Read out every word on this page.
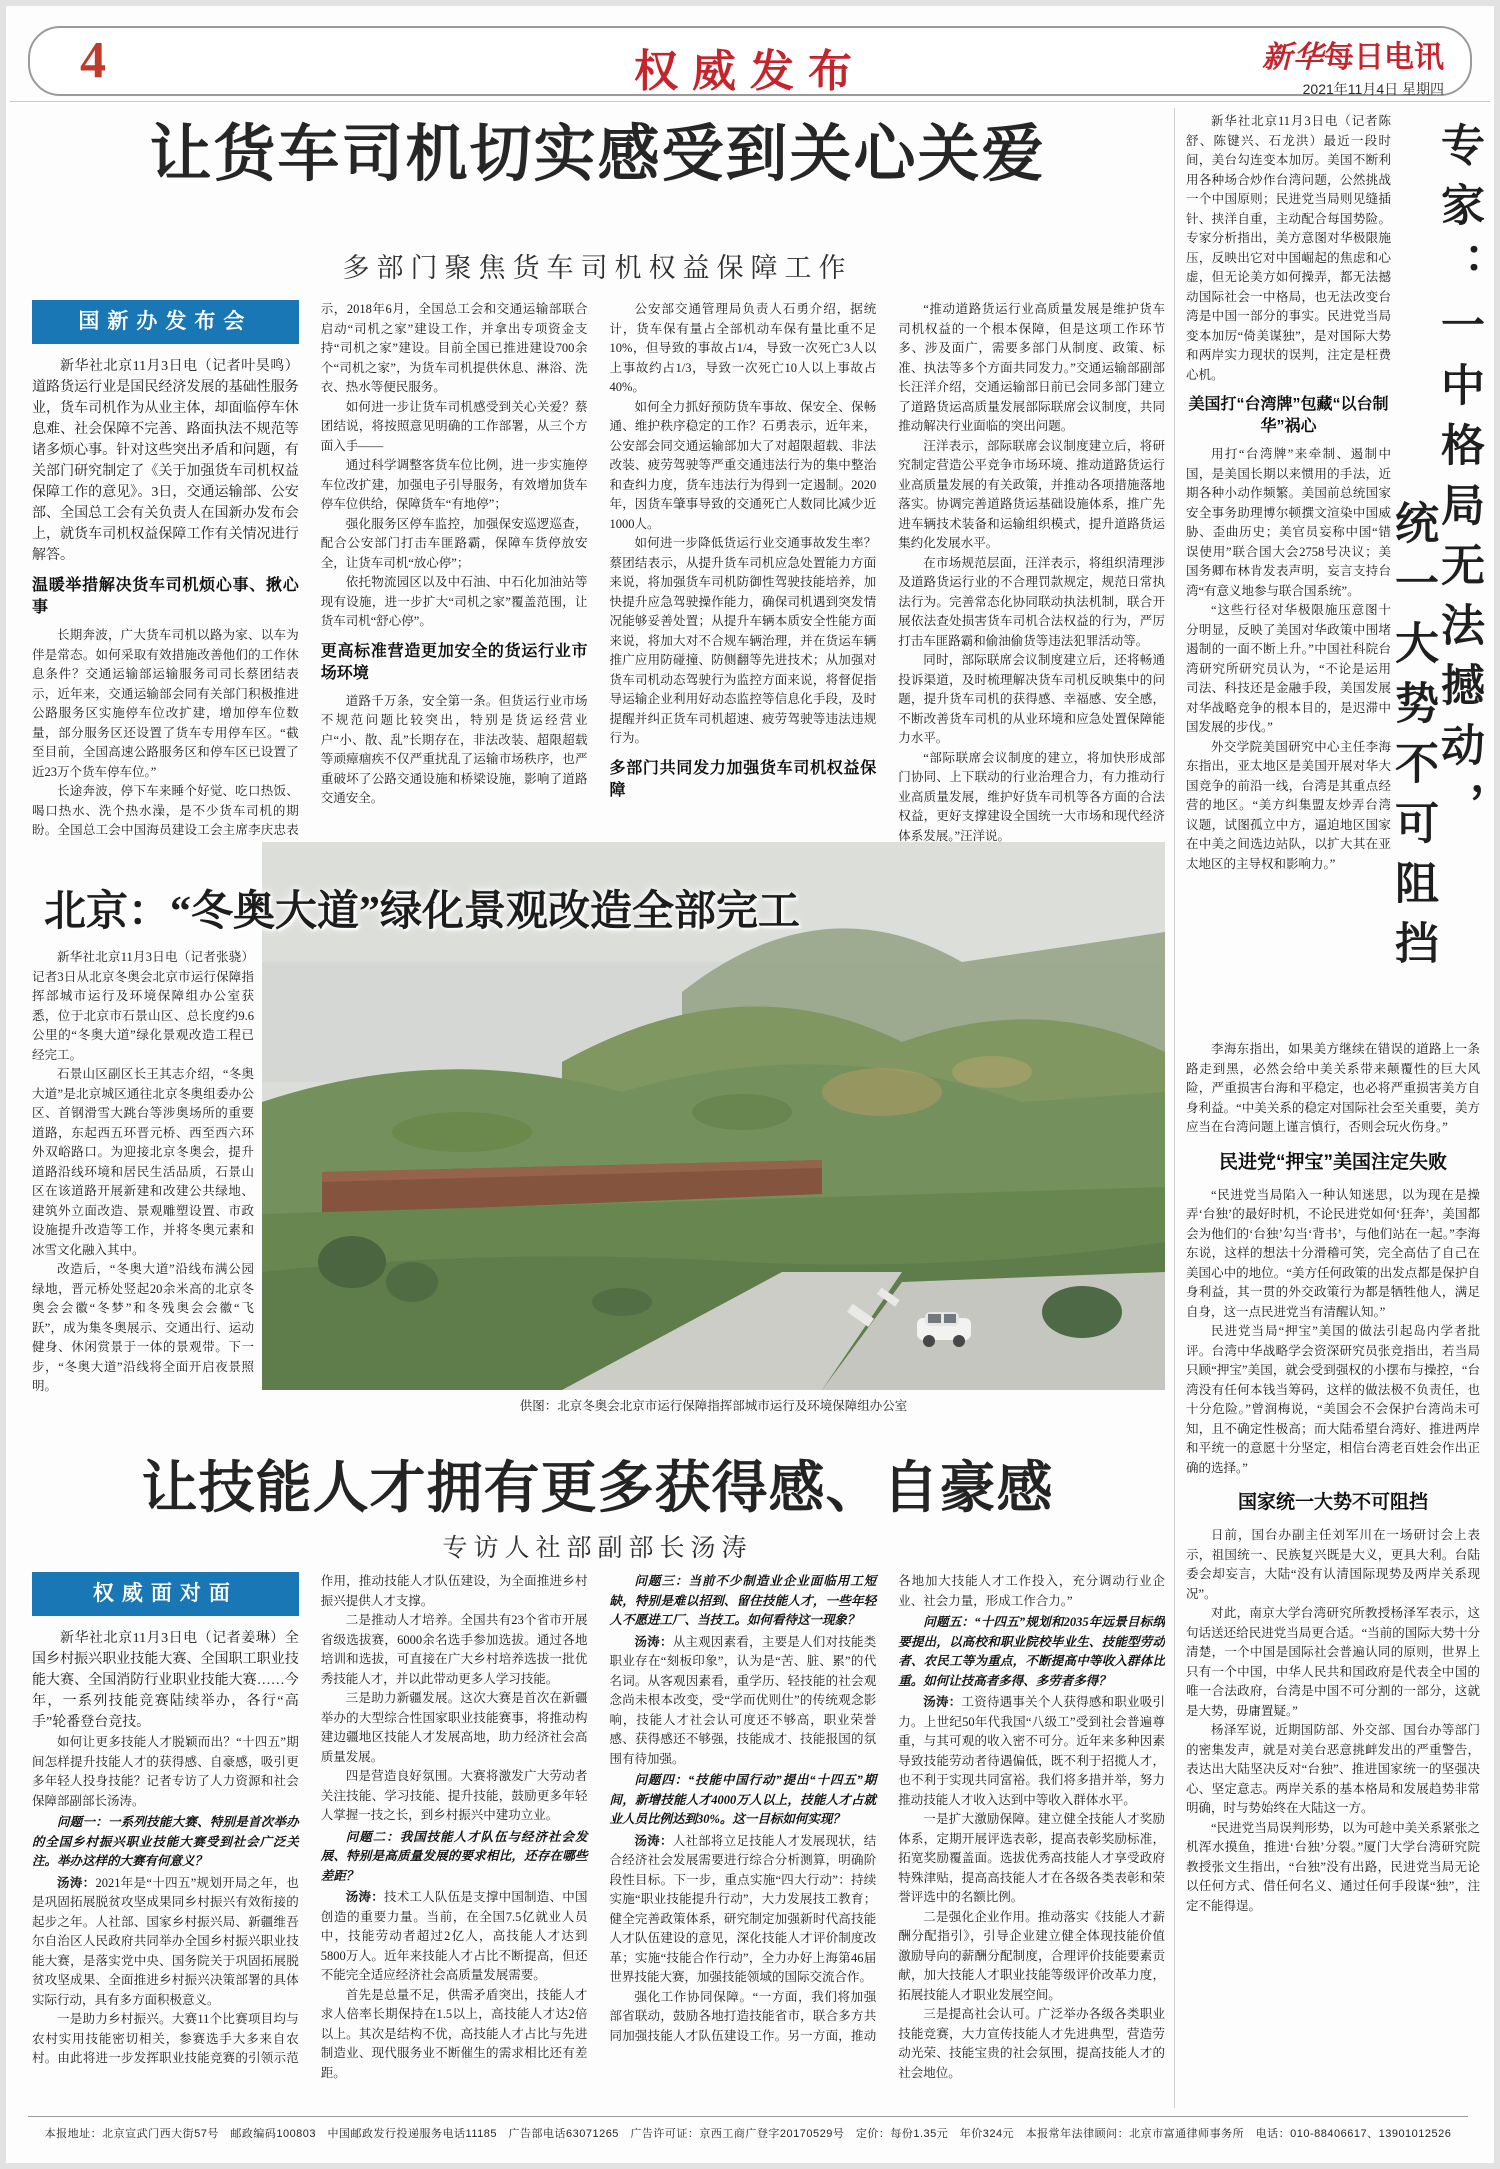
4	权威发布	新华每日电讯
2021年11月4日 星期四
让货车司机切实感受到关心关爱
多部门聚焦货车司机权益保障工作
国新办发布会

新华社北京11月3日电（记者叶昊鸣）道路货运行业是国民经济发展的基础性服务业，货车司机作为从业主体，却面临停车休息难、社会保障不完善、路面执法不规范等诸多烦心事。针对这些突出矛盾和问题，有关部门研究制定了《关于加强货车司机权益保障工作的意见》。3日，交通运输部、公安部、全国总工会有关负责人在国新办发布会上，就货车司机权益保障工作有关情况进行解答。

温暖举措解决货车司机烦心事、揪心事

长期奔波，广大货车司机以路为家、以车为伴是常态。如何采取有效措施改善他们的工作休息条件？交通运输部运输服务司司长蔡团结表示，近年来，交通运输部会同有关部门积极推进公路服务区实施停车位改扩建，增加停车位数量，部分服务区还设置了货车专用停车区。“截至目前，全国高速公路服务区和停车区已设置了近23万个货车停车位。”

长途奔波，停下车来睡个好觉、吃口热饭、喝口热水、洗个热水澡，是不少货车司机的期盼。全国总工会中国海员建设工会主席李庆忠表示，2018年6月，全国总工会和交通运输部联合启动“司机之家”建设工作，并拿出专项资金支持“司机之家”建设。目前全国已推进建设700余个“司机之家”，为货车司机提供休息、淋浴、洗衣、热水等便民服务。

如何进一步让货车司机感受到关心关爱？蔡团结说，将按照意见明确的工作部署，从三个方面入手——

通过科学调整客货车位比例，进一步实施停车位改扩建，加强电子引导服务，有效增加货车停车位供给，保障货车“有地停”；

强化服务区停车监控，加强保安巡逻巡查，配合公安部门打击车匪路霸，保障车货停放安全，让货车司机“放心停”；

依托物流园区以及中石油、中石化加油站等现有设施，进一步扩大“司机之家”覆盖范围，让货车司机“舒心停”。

更高标准营造更加安全的货运行业市场环境

道路千万条，安全第一条。但货运行业市场不规范问题比较突出，特别是货运经营业户“小、散、乱”长期存在，非法改装、超限超载等顽瘴痼疾不仅严重扰乱了运输市场秩序，也严重破坏了公路交通设施和桥梁设施，影响了道路交通安全。

公安部交通管理局负责人石勇介绍，据统计，货车保有量占全部机动车保有量比重不足10%，但导致的事故占1/4，导致一次死亡3人以上事故约占1/3，导致一次死亡10人以上事故占40%。

如何全力抓好预防货车事故、保安全、保畅通、维护秩序稳定的工作？石勇表示，近年来，公安部会同交通运输部加大了对超限超载、非法改装、疲劳驾驶等严重交通违法行为的集中整治和查纠力度，货车违法行为得到一定遏制。2020年，因货车肇事导致的交通死亡人数同比减少近1000人。

如何进一步降低货运行业交通事故发生率？蔡团结表示，从提升货车司机应急处置能力方面来说，将加强货车司机防御性驾驶技能培养，加快提升应急驾驶操作能力，确保司机遇到突发情况能够妥善处置；从提升车辆本质安全性能方面来说，将加大对不合规车辆治理，并在货运车辆推广应用防碰撞、防侧翻等先进技术；从加强对货车司机动态驾驶行为监控方面来说，将督促指导运输企业利用好动态监控等信息化手段，及时提醒并纠正货车司机超速、疲劳驾驶等违法违规行为。

多部门共同发力加强货车司机权益保障

“推动道路货运行业高质量发展是维护货车司机权益的一个根本保障，但是这项工作环节多、涉及面广，需要多部门从制度、政策、标准、执法等多个方面共同发力。”交通运输部副部长汪洋介绍，交通运输部日前已会同多部门建立了道路货运高质量发展部际联席会议制度，共同推动解决行业面临的突出问题。

汪洋表示，部际联席会议制度建立后，将研究制定营造公平竞争市场环境、推动道路货运行业高质量发展的有关政策，并推动各项措施落地落实。协调完善道路货运基础设施体系，推广先进车辆技术装备和运输组织模式，提升道路货运集约化发展水平。

在市场规范层面，汪洋表示，将组织清理涉及道路货运行业的不合理罚款规定，规范日常执法行为。完善常态化协同联动执法机制，联合开展依法查处损害货车司机合法权益的行为，严厉打击车匪路霸和偷油偷货等违法犯罪活动等。

同时，部际联席会议制度建立后，还将畅通投诉渠道，及时梳理解决货车司机反映集中的问题，提升货车司机的获得感、幸福感、安全感，不断改善货车司机的从业环境和应急处置保障能力水平。

“部际联席会议制度的建立，将加快形成部门协同、上下联动的行业治理合力，有力推动行业高质量发展，维护好货车司机等各方面的合法权益，更好支撑建设全国统一大市场和现代经济体系发展。”汪洋说。

北京：“冬奥大道”绿化景观改造全部完工

新华社北京11月3日电（记者张骁）记者3日从北京冬奥会北京市运行保障指挥部城市运行及环境保障组办公室获悉，位于北京市石景山区、总长度约9.6公里的“冬奥大道”绿化景观改造工程已经完工。

石景山区副区长王其志介绍，“冬奥大道”是北京城区通往北京冬奥组委办公区、首钢滑雪大跳台等涉奥场所的重要道路，东起西五环晋元桥、西至西六环外双峪路口。为迎接北京冬奥会，提升道路沿线环境和居民生活品质，石景山区在该道路开展新建和改建公共绿地、建筑外立面改造、景观雕塑设置、市政设施提升改造等工作，并将冬奥元素和冰雪文化融入其中。

改造后，“冬奥大道”沿线布满公园绿地，晋元桥处竖起20余米高的北京冬奥会会徽“冬梦”和冬残奥会会徽“飞跃”，成为集冬奥展示、交通出行、运动健身、休闲赏景于一体的景观带。下一步，“冬奥大道”沿线将全面开启夜景照明。

供图：北京冬奥会北京市运行保障指挥部城市运行及环境保障组办公室
让技能人才拥有更多获得感、自豪感
专访人社部副部长汤涛
权威面对面

新华社北京11月3日电（记者姜琳）全国乡村振兴职业技能大赛、全国职工职业技能大赛、全国消防行业职业技能大赛……今年，一系列技能竞赛陆续举办，各行“高手”轮番登台竞技。

如何让更多技能人才脱颖而出？“十四五”期间怎样提升技能人才的获得感、自豪感，吸引更多年轻人投身技能？记者专访了人力资源和社会保障部副部长汤涛。

问题一：一系列技能大赛、特别是首次举办的全国乡村振兴职业技能大赛受到社会广泛关注。举办这样的大赛有何意义？

汤涛：2021年是“十四五”规划开局之年，也是巩固拓展脱贫攻坚成果同乡村振兴有效衔接的起步之年。人社部、国家乡村振兴局、新疆维吾尔自治区人民政府共同举办全国乡村振兴职业技能大赛，是落实党中央、国务院关于巩固拓展脱贫攻坚成果、全面推进乡村振兴决策部署的具体实际行动，具有多方面积极意义。

一是助力乡村振兴。大赛11个比赛项目均与农村实用技能密切相关，参赛选手大多来自农村。由此将进一步发挥职业技能竞赛的引领示范作用，推动技能人才队伍建设，为全面推进乡村振兴提供人才支撑。

二是推动人才培养。全国共有23个省市开展省级选拔赛，6000余名选手参加选拔。通过各地培训和选拔，可直接在广大乡村培养选拔一批优秀技能人才，并以此带动更多人学习技能。

三是助力新疆发展。这次大赛是首次在新疆举办的大型综合性国家职业技能赛事，将推动构建边疆地区技能人才发展高地，助力经济社会高质量发展。

四是营造良好氛围。大赛将激发广大劳动者关注技能、学习技能、提升技能，鼓励更多年轻人掌握一技之长，到乡村振兴中建功立业。

问题二：我国技能人才队伍与经济社会发展、特别是高质量发展的要求相比，还存在哪些差距？

汤涛：技术工人队伍是支撑中国制造、中国创造的重要力量。当前，在全国7.5亿就业人员中，技能劳动者超过2亿人，高技能人才达到5800万人。近年来技能人才占比不断提高，但还不能完全适应经济社会高质量发展需要。

首先是总量不足，供需矛盾突出，技能人才求人倍率长期保持在1.5以上，高技能人才达2倍以上。其次是结构不优，高技能人才占比与先进制造业、现代服务业不断催生的需求相比还有差距。

问题三：当前不少制造业企业面临用工短缺，特别是难以招到、留住技能人才，一些年轻人不愿进工厂、当技工。如何看待这一现象？

汤涛：从主观因素看，主要是人们对技能类职业存在“刻板印象”，认为是“苦、脏、累”的代名词。从客观因素看，重学历、轻技能的社会观念尚未根本改变，受“学而优则仕”的传统观念影响，技能人才社会认可度还不够高，职业荣誉感、获得感还不够强，技能成才、技能报国的氛围有待加强。

问题四：“技能中国行动”提出“十四五”期间，新增技能人才4000万人以上，技能人才占就业人员比例达到30%。这一目标如何实现？

汤涛：人社部将立足技能人才发展现状，结合经济社会发展需要进行综合分析测算，明确阶段性目标。下一步，重点实施“四大行动”：持续实施“职业技能提升行动”，大力发展技工教育；健全完善政策体系，研究制定加强新时代高技能人才队伍建设的意见，深化技能人才评价制度改革；实施“技能合作行动”，全力办好上海第46届世界技能大赛，加强技能领域的国际交流合作。

强化工作协同保障。“一方面，我们将加强部省联动，鼓励各地打造技能省市，联合多方共同加强技能人才队伍建设工作。另一方面，推动各地加大技能人才工作投入，充分调动行业企业、社会力量，形成工作合力。”

问题五：“十四五”规划和2035年远景目标纲要提出，以高校和职业院校毕业生、技能型劳动者、农民工等为重点，不断提高中等收入群体比重。如何让技高者多得、多劳者多得？

汤涛：工资待遇事关个人获得感和职业吸引力。上世纪50年代我国“八级工”受到社会普遍尊重，与其可观的收入密不可分。近年来多种因素导致技能劳动者待遇偏低，既不利于招揽人才，也不利于实现共同富裕。我们将多措并举，努力推动技能人才收入达到中等收入群体水平。

一是扩大激励保障。建立健全技能人才奖励体系，定期开展评选表彰，提高表彰奖励标准，拓宽奖励覆盖面。选拔优秀高技能人才享受政府特殊津贴，提高高技能人才在各级各类表彰和荣誉评选中的名额比例。

二是强化企业作用。推动落实《技能人才薪酬分配指引》，引导企业建立健全体现技能价值激励导向的薪酬分配制度，合理评价技能要素贡献，加大技能人才职业技能等级评价改革力度，拓展技能人才职业发展空间。

三是提高社会认可。广泛举办各级各类职业技能竞赛，大力宣传技能人才先进典型，营造劳动光荣、技能宝贵的社会氛围，提高技能人才的社会地位。

新华社北京11月3日电（记者陈舒、陈键兴、石龙洪）最近一段时间，美台勾连变本加厉。美国不断利用各种场合炒作台湾问题，公然挑战一个中国原则；民进党当局则见缝插针、挟洋自重，主动配合每国势险。专家分析指出，美方意图对华极限施压，反映出它对中国崛起的焦虑和心虚，但无论美方如何操弄，都无法撼动国际社会一中格局，也无法改变台湾是中国一部分的事实。民进党当局变本加厉“倚美谋独”，是对国际大势和两岸实力现状的误判，注定是枉费心机。

美国打“台湾牌”包藏“以台制华”祸心

用打“台湾牌”来牵制、遏制中国，是美国长期以来惯用的手法，近期各种小动作频繁。美国前总统国家安全事务助理博尔顿撰文渲染中国威胁、歪曲历史；美官员妄称中国“错误使用”联合国大会2758号决议；美国务卿布林肯发表声明，妄言支持台湾“有意义地参与联合国系统”。

“这些行径对华极限施压意图十分明显，反映了美国对华政策中围堵遏制的一面不断上升。”中国社科院台湾研究所研究员认为，“不论是运用司法、科技还是金融手段，美国发展对华战略竞争的根本目的，是迟滞中国发展的步伐。”

外交学院美国研究中心主任李海东指出，亚太地区是美国开展对华大国竞争的前沿一线，台湾是其重点经营的地区。“美方纠集盟友炒弄台湾议题，试图孤立中方，逼迫地区国家在中美之间选边站队，以扩大其在亚太地区的主导权和影响力。”

专家：一中格局无法撼动，
统一大势不可阻挡

李海东指出，如果美方继续在错误的道路上一条路走到黑，必然会给中美关系带来颠覆性的巨大风险，严重损害台海和平稳定，也必将严重损害美方自身利益。“中美关系的稳定对国际社会至关重要，美方应当在台湾问题上谨言慎行，否则会玩火伤身。”

民进党“押宝”美国注定失败

“民进党当局陷入一种认知迷思，以为现在是操弄‘台独’的最好时机，不论民进党如何‘狂奔’，美国都会为他们的‘台独’勾当‘背书’，与他们站在一起。”李海东说，这样的想法十分滑稽可笑，完全高估了自己在美国心中的地位。“美方任何政策的出发点都是保护自身利益，其一贯的外交政策行为都是牺牲他人，满足自身，这一点民进党当有清醒认知。”

民进党当局“押宝”美国的做法引起岛内学者批评。台湾中华战略学会资深研究员张竞指出，若当局只顾“押宝”美国，就会受到强权的小摆布与操控，“台湾没有任何本钱当筹码，这样的做法极不负责任，也十分危险。”曾润梅说，“美国会不会保护台湾尚未可知，且不确定性极高；而大陆希望台湾好、推进两岸和平统一的意愿十分坚定，相信台湾老百姓会作出正确的选择。”

国家统一大势不可阻挡

日前，国台办副主任刘军川在一场研讨会上表示，祖国统一、民族复兴既是大义，更具大利。台陆委会却妄言，大陆“没有认清国际现势及两岸关系现况”。

对此，南京大学台湾研究所教授杨泽军表示，这句话送还给民进党当局更合适。“当前的国际大势十分清楚，一个中国是国际社会普遍认同的原则，世界上只有一个中国，中华人民共和国政府是代表全中国的唯一合法政府，台湾是中国不可分割的一部分，这就是大势，毋庸置疑。”

杨泽军说，近期国防部、外交部、国台办等部门的密集发声，就是对美台恶意挑衅发出的严重警告，表达出大陆坚决反对“台独”、推进国家统一的坚强决心、坚定意志。两岸关系的基本格局和发展趋势非常明确，时与势始终在大陆这一方。

“民进党当局误判形势，以为可趁中美关系紧张之机浑水摸鱼，推进‘台独’分裂。”厦门大学台湾研究院教授张文生指出，“台独”没有出路，民进党当局无论以任何方式、借任何名义、通过任何手段谋“独”，注定不能得逞。

本报地址：北京宣武门西大街57号　邮政编码100803　中国邮政发行投递服务电话11185　广告部电话63071265　广告许可证：京西工商广登字20170529号　定价：每份1.35元　年价324元　本报常年法律顾问：北京市富通律师事务所　电话：010-88406617、13901012526
